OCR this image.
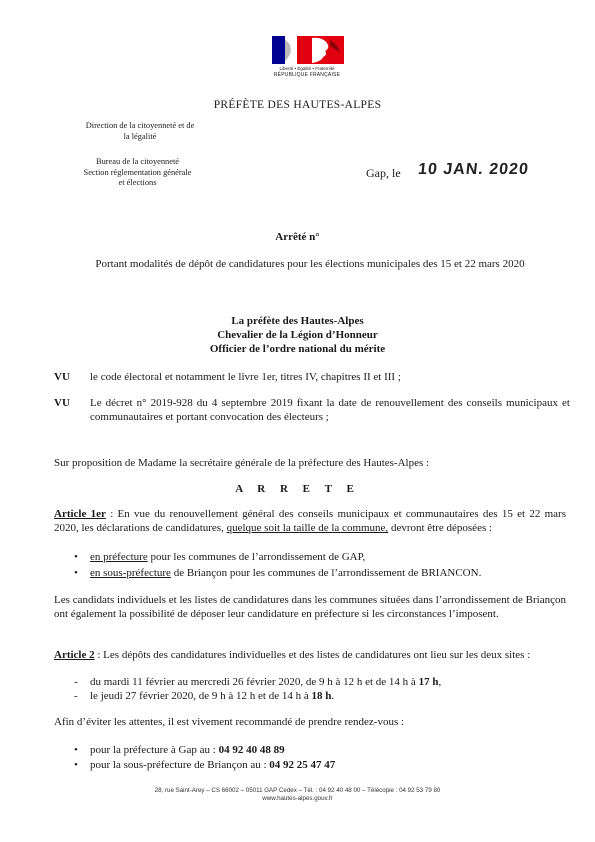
Liberté • Égalité • Fraternité
RÉPUBLIQUE FRANÇAISE
PRÉFÈTE DES HAUTES-ALPES
Direction de la citoyenneté et de
la légalité
Bureau de la citoyenneté
Section réglementation générale
et élections
Gap, le 10 JAN. 2020
Arrêté n°
Portant modalités de dépôt de candidatures pour les élections municipales des 15 et 22 mars 2020
La préfète des Hautes-Alpes
Chevalier de la Légion d’Honneur
Officier de l’ordre national du mérite
VU le code électoral et notamment le livre 1er, titres IV, chapitres II et III ;
VU Le décret n° 2019-928 du 4 septembre 2019 fixant la date de renouvellement des conseils municipaux et communautaires et portant convocation des électeurs ;
Sur proposition de Madame la secrétaire générale de la préfecture des Hautes-Alpes :
A R R E T E
Article 1er : En vue du renouvellement général des conseils municipaux et communautaires des 15 et 22 mars 2020, les déclarations de candidatures, quelque soit la taille de la commune, devront être déposées :
• en préfecture pour les communes de l’arrondissement de GAP,
• en sous-préfecture de Briançon pour les communes de l’arrondissement de BRIANCON.
Les candidats individuels et les listes de candidatures dans les communes situées dans l’arrondissement de Briançon ont également la possibilité de déposer leur candidature en préfecture si les circonstances l’imposent.
Article 2 : Les dépôts des candidatures individuelles et des listes de candidatures ont lieu sur les deux sites :
- du mardi 11 février au mercredi 26 février 2020, de 9 h à 12 h et de 14 h à 17 h,
- le jeudi 27 février 2020, de 9 h à 12 h et de 14 h à 18 h.
Afin d’éviter les attentes, il est vivement recommandé de prendre rendez-vous :
• pour la préfecture à Gap au : 04 92 40 48 89
• pour la sous-préfecture de Briançon au : 04 92 25 47 47
28, rue Saint-Arey – CS 66002 – 05011 GAP Cedex – Tél. : 04 92 40 48 00 – Télécopie : 04 92 53 79 80
www.hautes-alpes.gouv.fr
